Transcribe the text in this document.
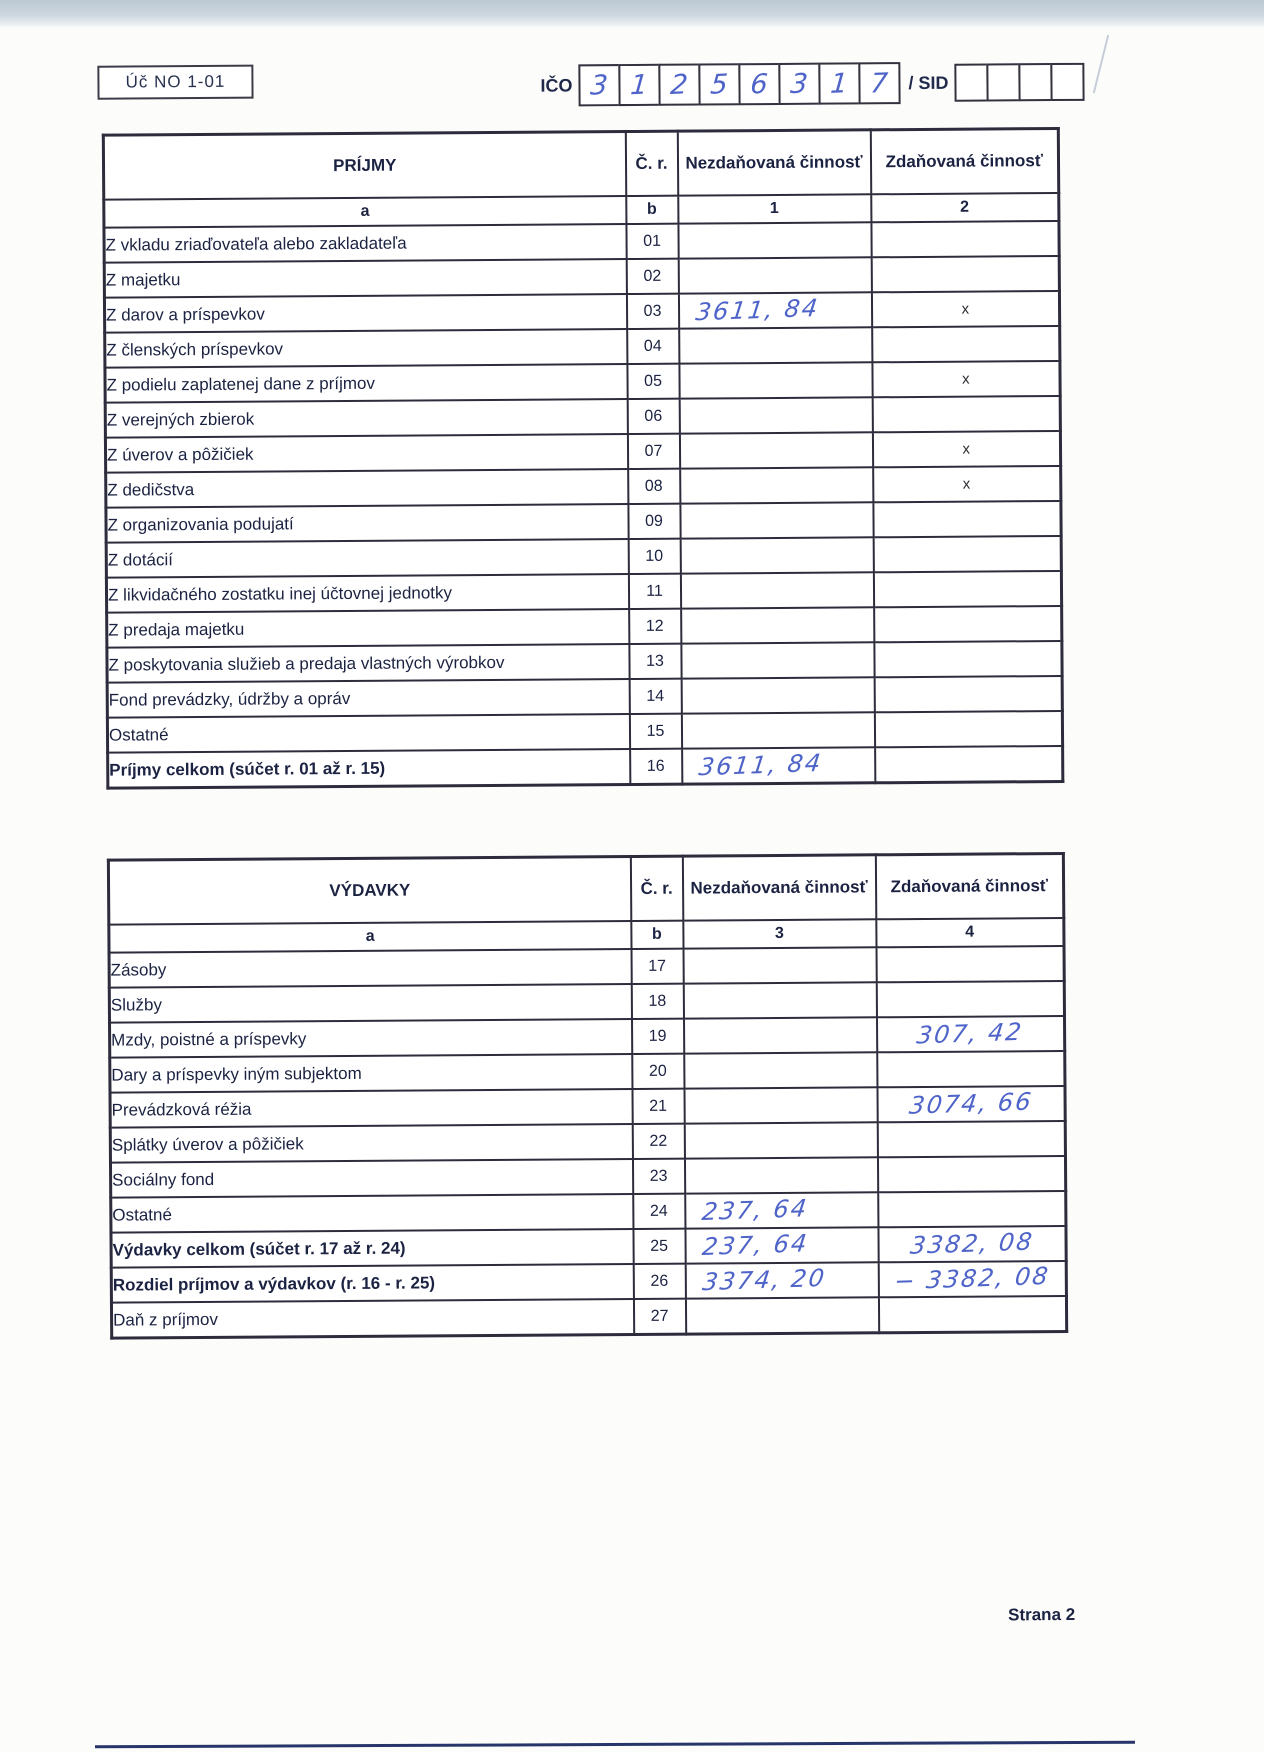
Úč NO 1-01	IČO 3 1 2 5 6 3 1 7 / SID
PRÍJMY	Č. r.	Nezdaňovaná činnosť	Zdaňovaná činnosť
a	b	1	2
Z vkladu zriaďovateľa alebo zakladateľa	01		
Z majetku	02		
Z darov a príspevkov	03	3611, 84	x
Z členských príspevkov	04		
Z podielu zaplatenej dane z príjmov	05		x
Z verejných zbierok	06		
Z úverov a pôžičiek	07		x
Z dedičstva	08		x
Z organizovania podujatí	09		
Z dotácií	10		
Z likvidačného zostatku inej účtovnej jednotky	11		
Z predaja majetku	12		
Z poskytovania služieb a predaja vlastných výrobkov	13		
Fond prevádzky, údržby a opráv	14		
Ostatné	15		
Príjmy celkom (súčet r. 01 až r. 15)	16	3611, 84	
VÝDAVKY	Č. r.	Nezdaňovaná činnosť	Zdaňovaná činnosť
a	b	3	4
Zásoby	17		
Služby	18		
Mzdy, poistné a príspevky	19		307, 42
Dary a príspevky iným subjektom	20		
Prevádzková réžia	21		3074, 66
Splátky úverov a pôžičiek	22		
Sociálny fond	23		
Ostatné	24	237, 64	
Výdavky celkom (súčet r. 17 až r. 24)	25	237, 64	3382, 08
Rozdiel príjmov a výdavkov (r. 16 - r. 25)	26	3374, 20	− 3382, 08
Daň z príjmov	27		
Strana 2
